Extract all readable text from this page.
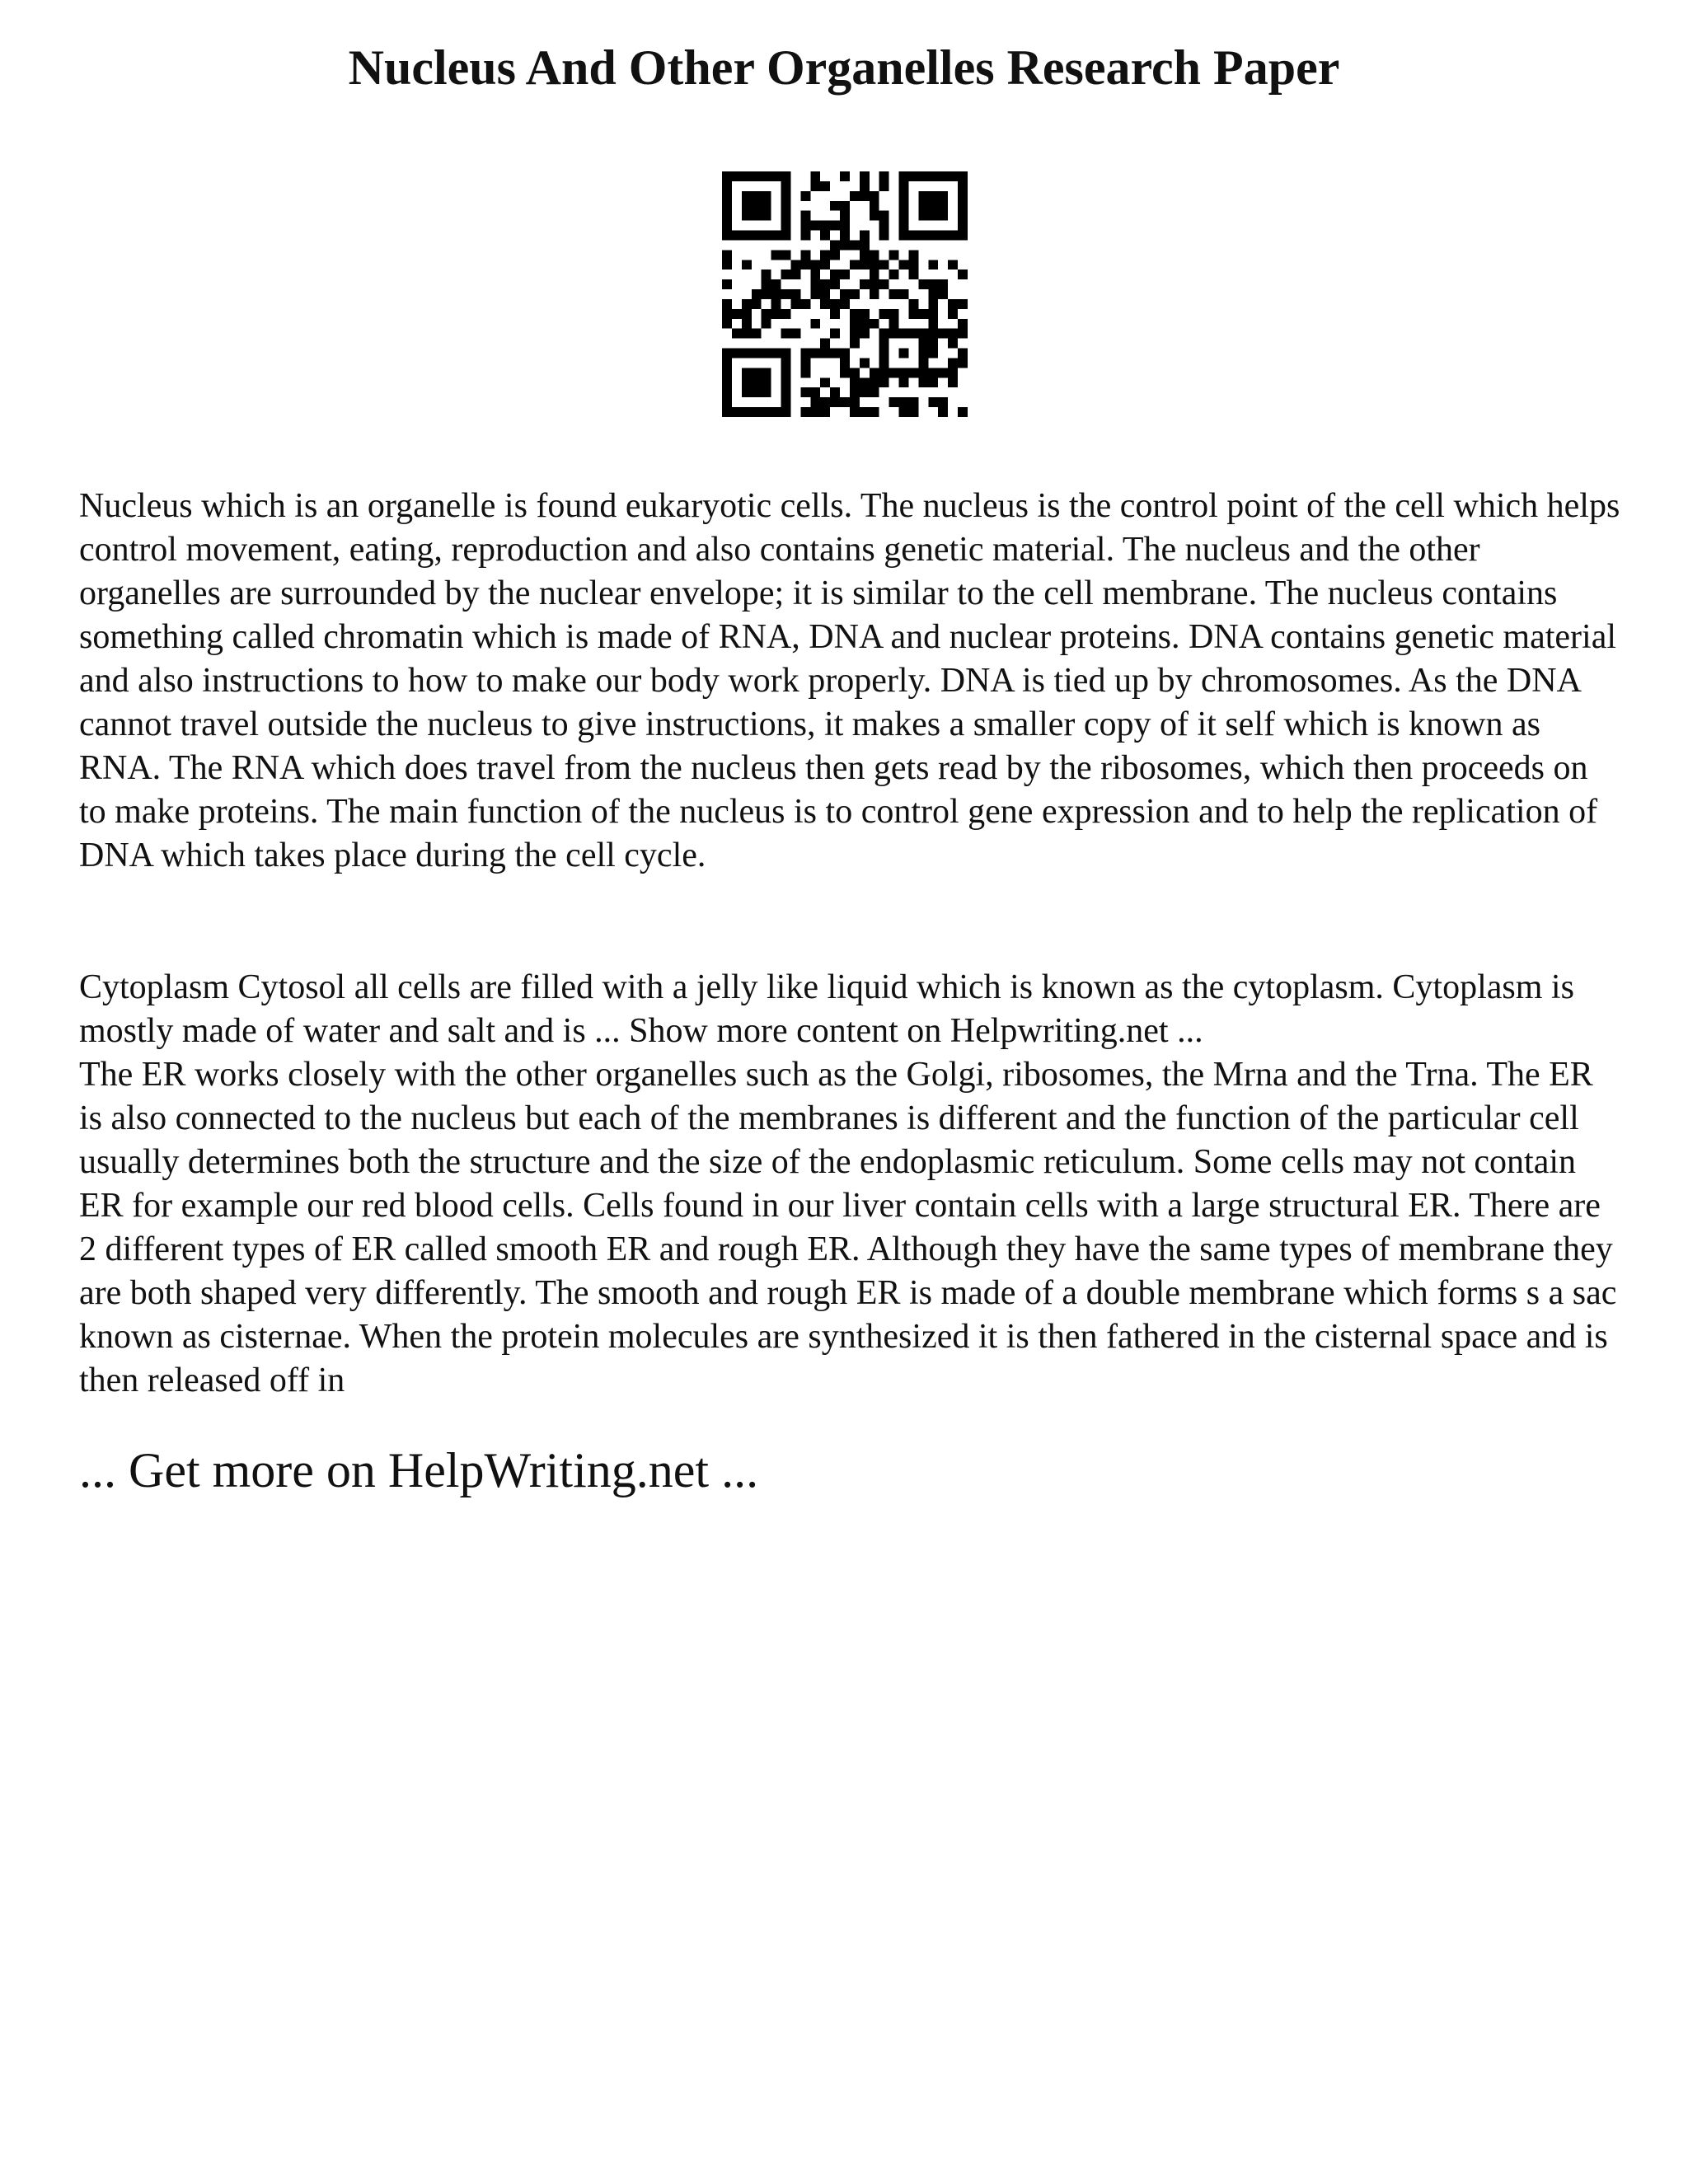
Nucleus And Other Organelles Research Paper

Nucleus which is an organelle is found eukaryotic cells. The nucleus is the control point of the cell which helps control movement, eating, reproduction and also contains genetic material. The nucleus and the other organelles are surrounded by the nuclear envelope; it is similar to the cell membrane. The nucleus contains something called chromatin which is made of RNA, DNA and nuclear proteins. DNA contains genetic material and also instructions to how to make our body work properly. DNA is tied up by chromosomes. As the DNA cannot travel outside the nucleus to give instructions, it makes a smaller copy of it self which is known as RNA. The RNA which does travel from the nucleus then gets read by the ribosomes, which then proceeds on to make proteins. The main function of the nucleus is to control gene expression and to help the replication of DNA which takes place during the cell cycle.

Cytoplasm Cytosol all cells are filled with a jelly like liquid which is known as the cytoplasm. Cytoplasm is mostly made of water and salt and is ... Show more content on Helpwriting.net ...

The ER works closely with the other organelles such as the Golgi, ribosomes, the Mrna and the Trna. The ER is also connected to the nucleus but each of the membranes is different and the function of the particular cell usually determines both the structure and the size of the endoplasmic reticulum. Some cells may not contain ER for example our red blood cells. Cells found in our liver contain cells with a large structural ER. There are 2 different types of ER called smooth ER and rough ER. Although they have the same types of membrane they are both shaped very differently. The smooth and rough ER is made of a double membrane which forms s a sac known as cisternae. When the protein molecules are synthesized it is then fathered in the cisternal space and is then released off in

... Get more on HelpWriting.net ...
